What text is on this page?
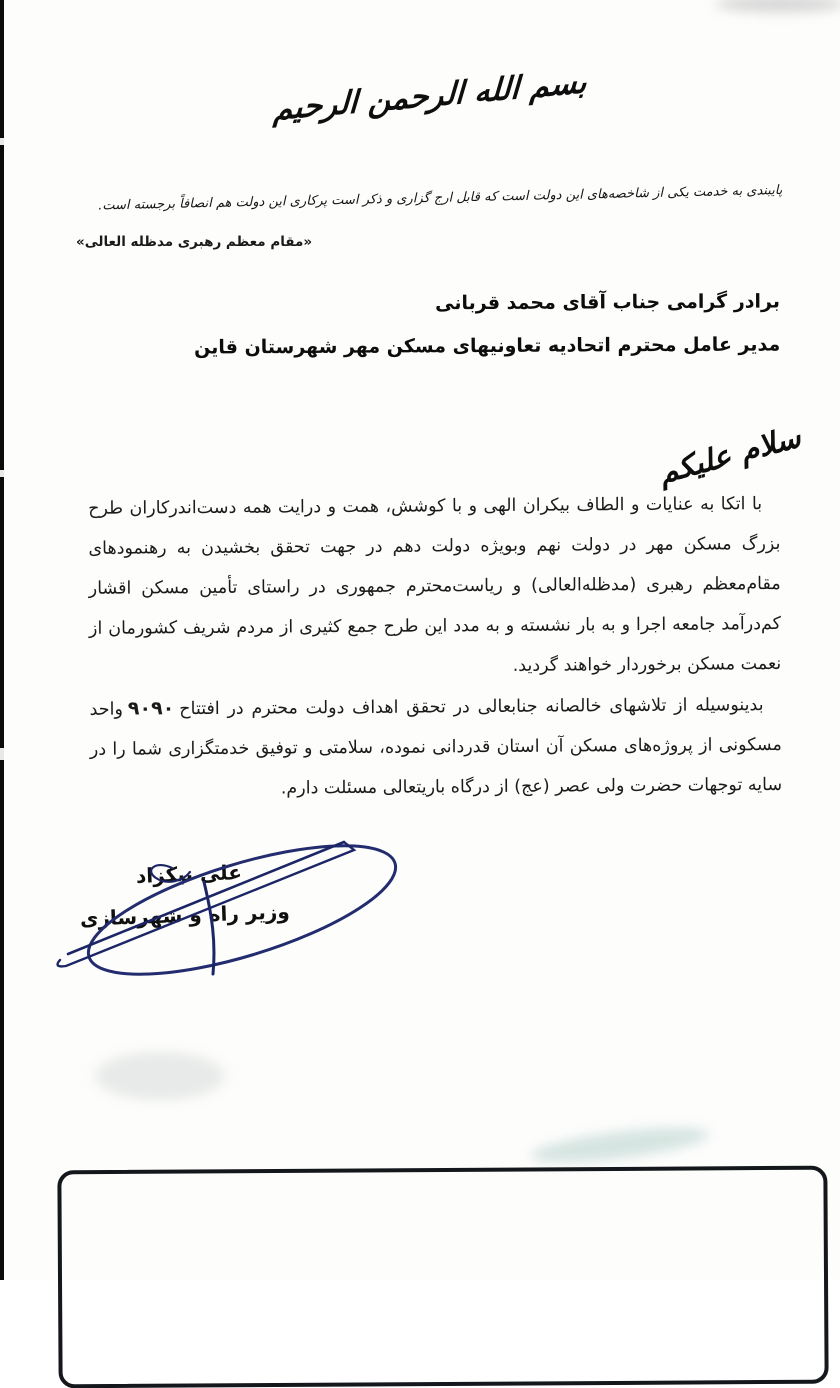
بسم الله الرحمن الرحیم
پایبندی به خدمت یکی از شاخصه‌های این دولت است که قابل ارج گزاری و ذکر است پرکاری این دولت هم انصافاً برجسته است.
«مقام معظم رهبری مدظله العالی»
برادر گرامی جناب آقای محمد قربانی
مدیر عامل محترم اتحادیه تعاونیهای مسکن مهر شهرستان قاین
سلام علیکم

با اتکا به عنایات و الطاف بیکران الهی و با کوشش، همت و درایت همه دست‌اندرکاران طرح بزرگ مسکن مهر در دولت نهم وبویژه دولت دهم در جهت تحقق بخشیدن به رهنمودهای مقام‌معظم رهبری (مدظله‌العالی) و ریاست‌محترم جمهوری در راستای تأمین مسکن اقشار کم‌درآمد جامعه اجرا و به بار نشسته و به مدد این طرح جمع کثیری از مردم شریف کشورمان از نعمت مسکن برخوردار خواهند گردید.

بدینوسیله از تلاشهای خالصانه جنابعالی در تحقق اهداف دولت محترم در افتتاح۹۰۹۰واحد مسکونی از پروژه‌های مسکن آن استان قدردانی نموده، سلامتی و توفیق خدمتگزاری شما را در سایه توجهات حضرت ولی عصر (عج) از درگاه باریتعالی مسئلت دارم.

علی نیکزاد
وزیر راه و شهرسازی
